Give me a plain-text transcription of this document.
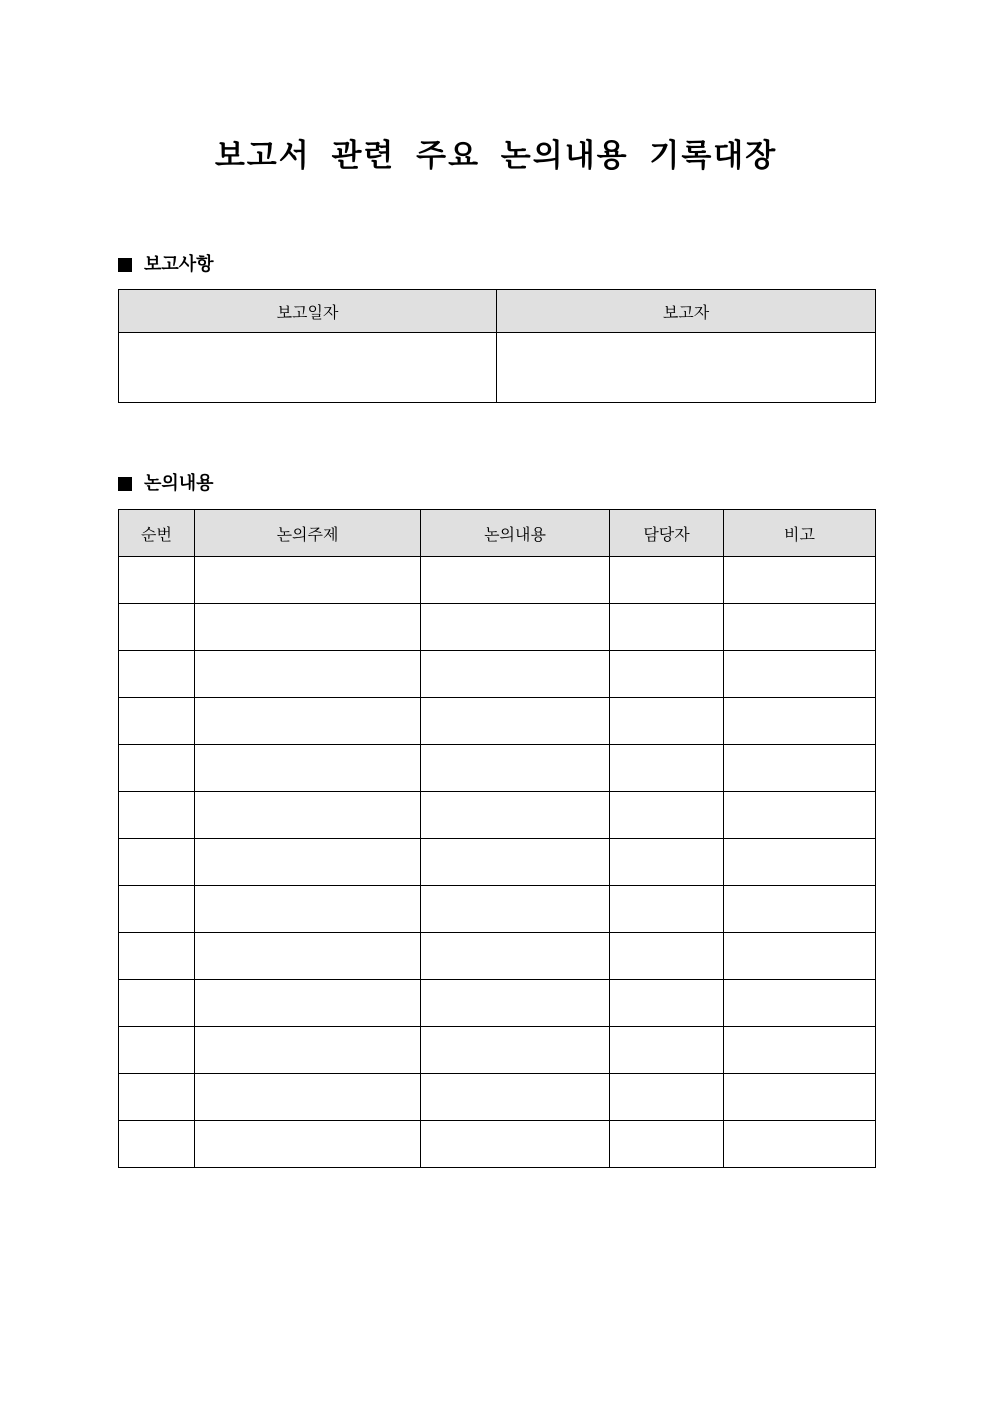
보고서 관련 주요 논의내용 기록대장
보고사항
보고일자	보고자

논의내용
순번	논의주제	논의내용	담당자	비고
